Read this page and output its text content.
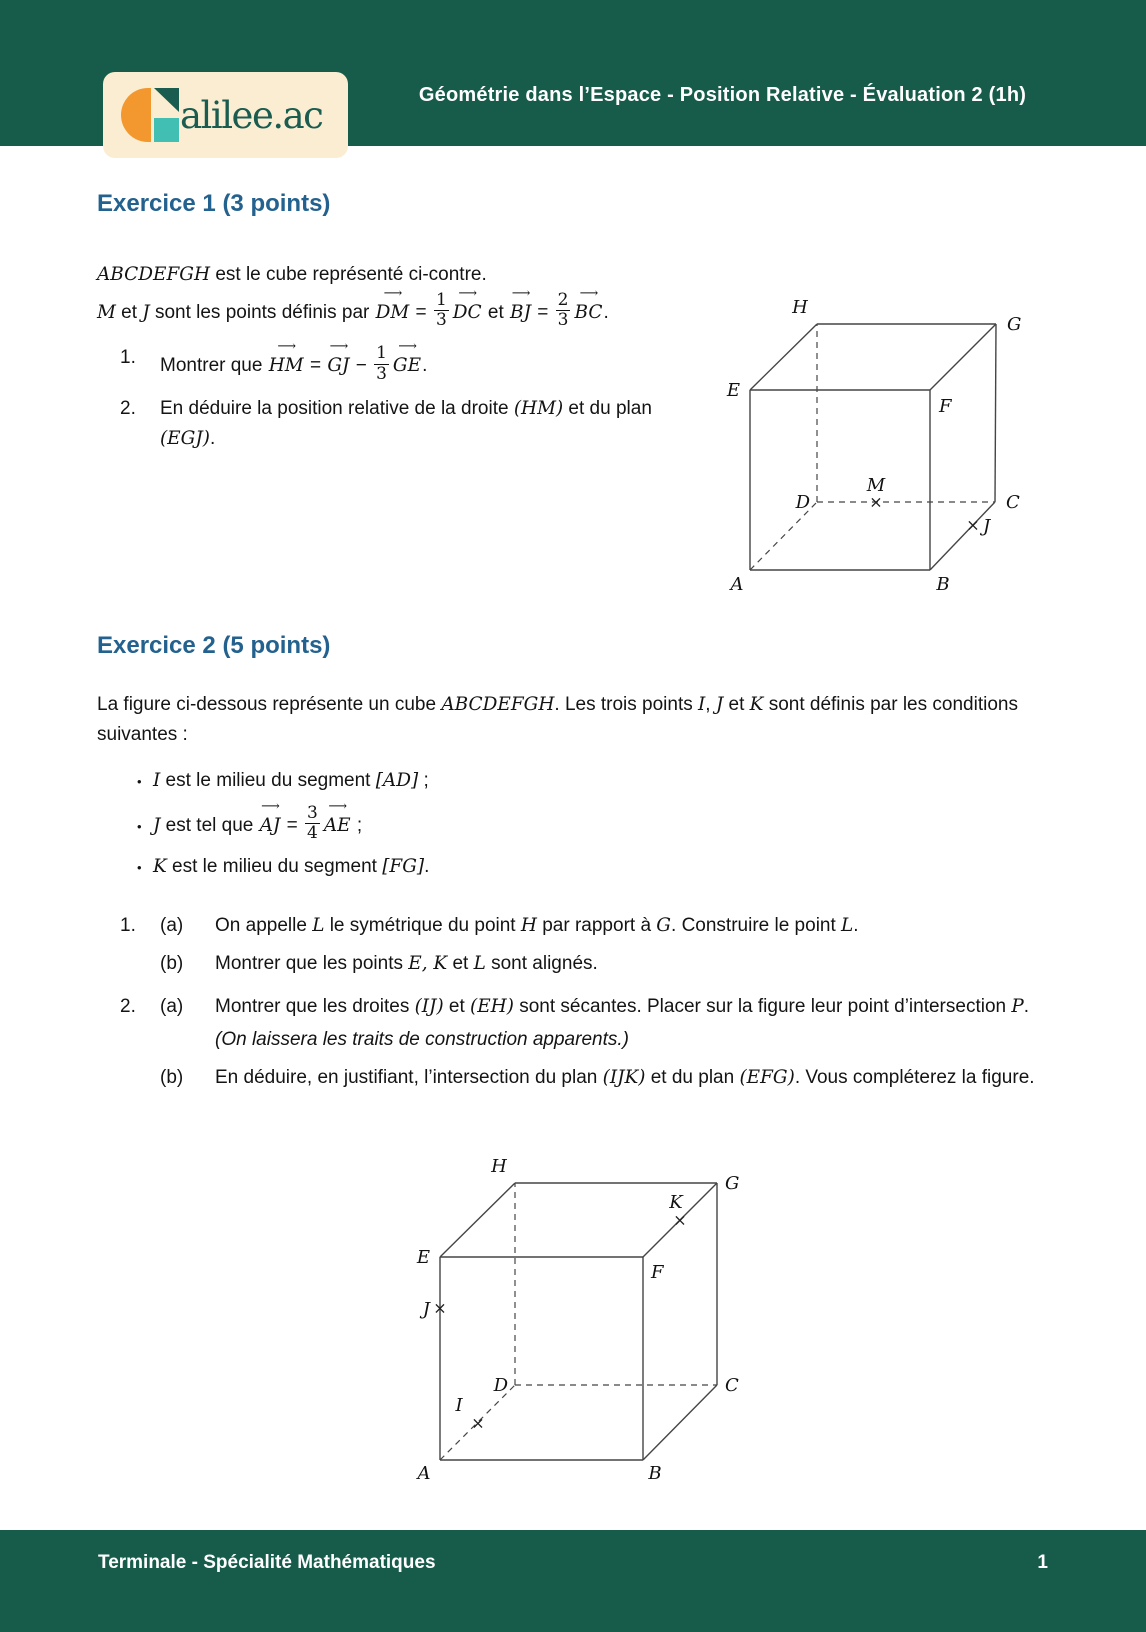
Géométrie dans l’Espace - Position Relative - Évaluation 2 (1h)
alilee.ac
Exercice 1 (3 points)
ABCDEFGH est le cube représenté ci-contre.
M et J sont les points définis par ⟶ DM = $\frac{1}{3}$ ⟶ DC et ⟶ BJ = $\frac{2}{3}$ ⟶ BC.
1.	Montrer que ⟶ HM = ⟶ GJ − $\frac{1}{3}$ ⟶ GE.
2.	En déduire la position relative de la droite (HM) et du plan (EGJ).
A	B
C
D
E
F
G
H
×
M
× J
Exercice 2 (5 points)
La figure ci-dessous représente un cube ABCDEFGH. Les trois points I, J et K sont définis par les conditions suivantes :
•
I est le milieu du segment [AD] ;
•
J est tel que ⟶ AJ = $\frac{3}{4}$ ⟶ AE ;
•
K est le milieu du segment [FG].
1.	(a)	On appelle L le symétrique du point H par rapport à G. Construire le point L.
(b)	Montrer que les points E, K et L sont alignés.
2.	(a)	Montrer que les droites (IJ) et (EH) sont sécantes. Placer sur la figure leur point d’intersection P. (On laissera les traits de construction apparents.)
(b)	En déduire, en justifiant, l’intersection du plan (IJK) et du plan (EFG). Vous compléterez la figure.
A	B
C
D
E
F
G
H
×
K
×
J
×
I
Terminale - Spécialité Mathématiques	1
